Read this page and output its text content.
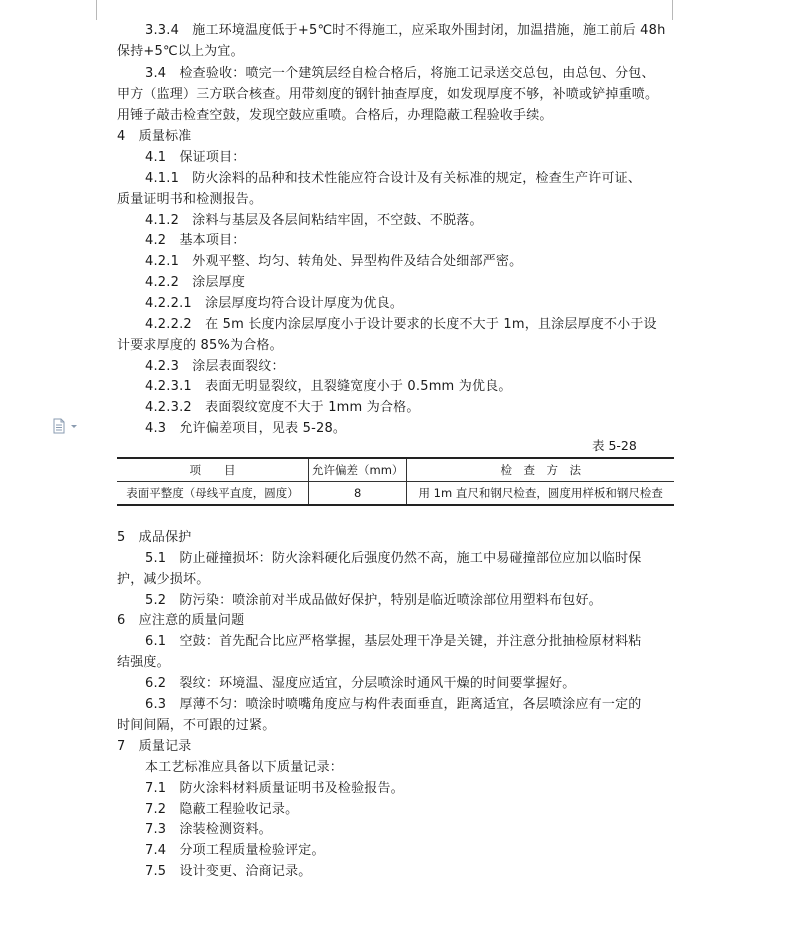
3.3.4　施工环境温度低于+5℃时不得施工，应采取外围封闭，加温措施，施工前后 48h
保持+5℃以上为宜。
3.4　检查验收：喷完一个建筑层经自检合格后，将施工记录送交总包，由总包、分包、
甲方（监理）三方联合核查。用带刻度的钢针抽查厚度，如发现厚度不够，补喷或铲掉重喷。
用锤子敲击检查空鼓，发现空鼓应重喷。合格后，办理隐蔽工程验收手续。
4　质量标准
4.1　保证项目：
4.1.1　防火涂料的品种和技术性能应符合设计及有关标准的规定，检查生产许可证、
质量证明书和检测报告。
4.1.2　涂料与基层及各层间粘结牢固，不空鼓、不脱落。
4.2　基本项目：
4.2.1　外观平整、均匀、转角处、异型构件及结合处细部严密。
4.2.2　涂层厚度
4.2.2.1　涂层厚度均符合设计厚度为优良。
4.2.2.2　在 5m 长度内涂层厚度小于设计要求的长度不大于 1m，且涂层厚度不小于设
计要求厚度的 85%为合格。
4.2.3　涂层表面裂纹：
4.2.3.1　表面无明显裂纹，且裂缝宽度小于 0.5mm 为优良。
4.2.3.2　表面裂纹宽度不大于 1mm 为合格。
4.3　允许偏差项目，见表 5-28。
表 5-28
项　　目	允许偏差（mm）	检　查　方　法
表面平整度（母线平直度，圆度）	8	用 1m 直尺和钢尺检查，圆度用样板和钢尺检查
5　成品保护
5.1　防止碰撞损坏：防火涂料硬化后强度仍然不高，施工中易碰撞部位应加以临时保
护，减少损坏。
5.2　防污染：喷涂前对半成品做好保护，特别是临近喷涂部位用塑料布包好。
6　应注意的质量问题
6.1　空鼓：首先配合比应严格掌握，基层处理干净是关键，并注意分批抽检原材料粘
结强度。
6.2　裂纹：环境温、湿度应适宜，分层喷涂时通风干燥的时间要掌握好。
6.3　厚薄不匀：喷涂时喷嘴角度应与构件表面垂直，距离适宜，各层喷涂应有一定的
时间间隔，不可跟的过紧。
7　质量记录
本工艺标准应具备以下质量记录：
7.1　防火涂料材料质量证明书及检验报告。
7.2　隐蔽工程验收记录。
7.3　涂装检测资料。
7.4　分项工程质量检验评定。
7.5　设计变更、洽商记录。
